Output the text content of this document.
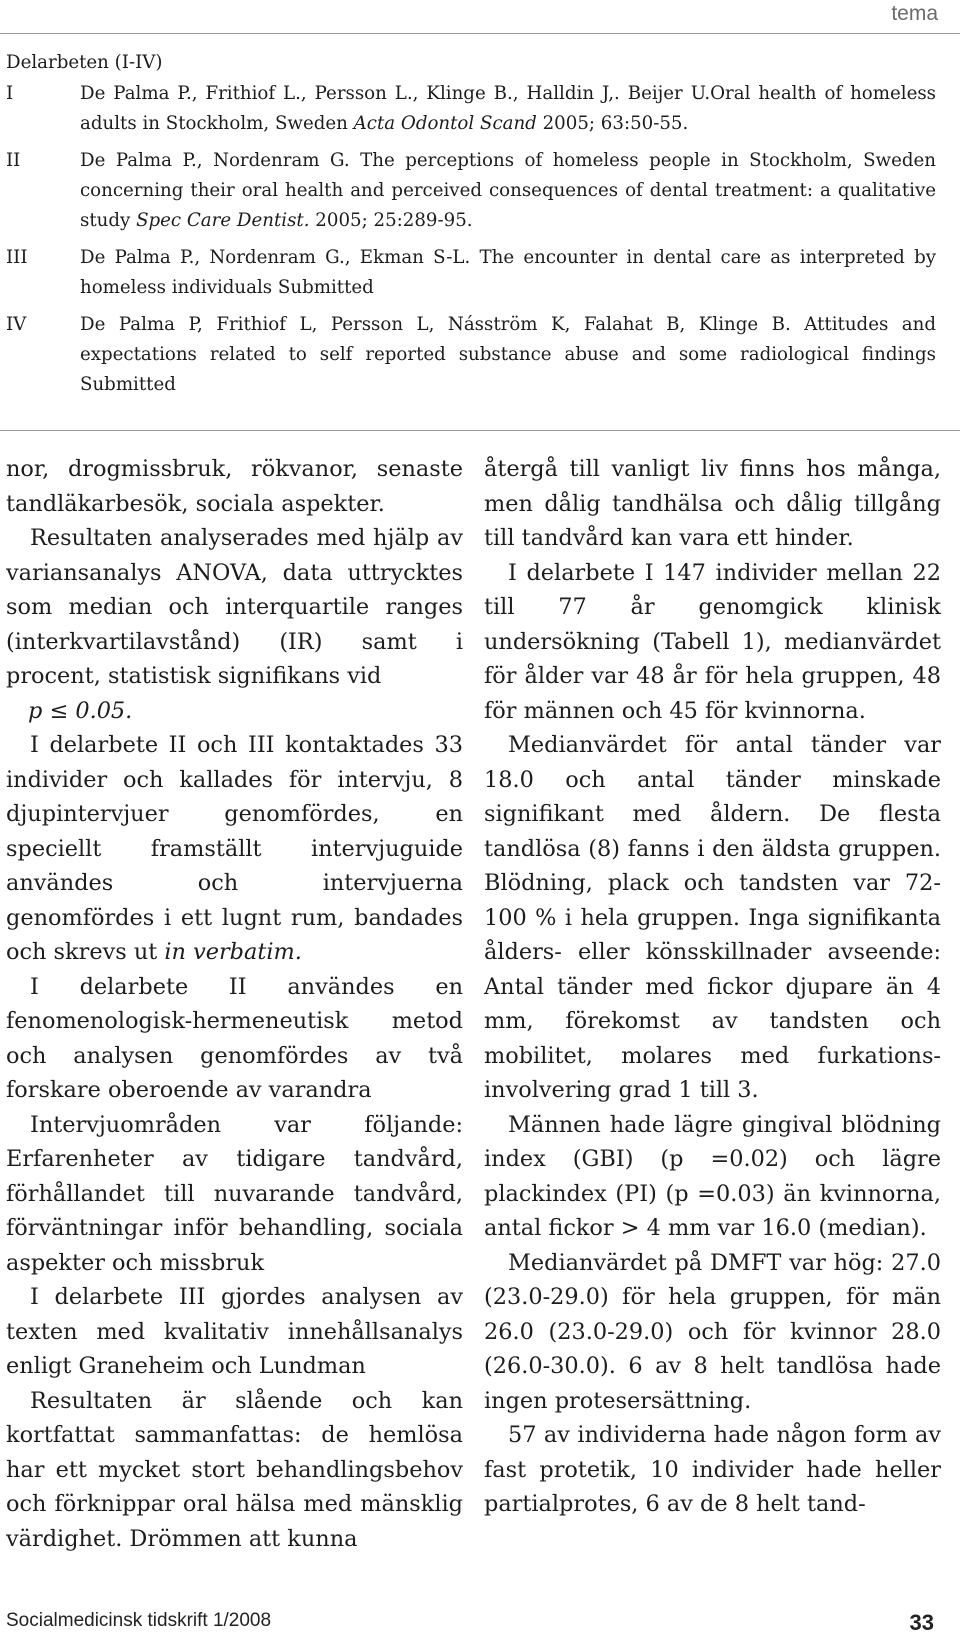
tema
Delarbeten (I-IV)
I	De Palma P., Frithiof L., Persson L., Klinge B., Halldin J,. Beijer U.Oral health of homeless adults in Stockholm, Sweden Acta Odontol Scand 2005; 63:50-55.
II	De Palma P., Nordenram G. The perceptions of homeless people in Stockholm, Sweden concerning their oral health and perceived consequences of dental treatment: a qualitative study Spec Care Dentist. 2005; 25:289-95.
III	De Palma P., Nordenram G., Ekman S-L. The encounter in dental care as interpreted by homeless individuals Submitted
IV	De Palma P, Frithiof L, Persson L, Násström K, Falahat B, Klinge B. Attitudes and expectations related to self reported substance abuse and some radiological findings Submitted

nor, drogmissbruk, rökvanor, senaste tandläkarbesök, sociala aspekter.

Resultaten analyserades med hjälp av variansanalys ANOVA, data uttrycktes som median och interquartile ranges (interkvartilavstånd) (IR) samt i procent, statistisk signifikans vid
p ≤ 0.05.

I delarbete II och III kontaktades 33 individer och kallades för intervju, 8 djupintervjuer genomfördes, en speciellt framställt intervjuguide användes och intervjuerna genomfördes i ett lugnt rum, bandades och skrevs ut in verbatim.

I delarbete II användes en fenomenologisk-hermeneutisk metod och analysen genomfördes av två forskare oberoende av varandra

Intervjuområden var följande: Erfarenheter av tidigare tandvård, förhållandet till nuvarande tandvård, förväntningar inför behandling, sociala aspekter och missbruk

I delarbete III gjordes analysen av texten med kvalitativ innehållsanalys enligt Graneheim och Lundman

Resultaten är slående och kan kortfattat sammanfattas: de hemlösa har ett mycket stort behandlingsbehov och förknippar oral hälsa med mänsklig värdighet. Drömmen att kunna

återgå till vanligt liv finns hos många, men dålig tandhälsa och dålig tillgång till tandvård kan vara ett hinder.

I delarbete I 147 individer mellan 22 till 77 år genomgick klinisk undersökning (Tabell 1), medianvärdet för ålder var 48 år för hela gruppen, 48 för männen och 45 för kvinnorna.

Medianvärdet för antal tänder var 18.0 och antal tänder minskade signifikant med åldern. De flesta tandlösa (8) fanns i den äldsta gruppen. Blödning, plack och tandsten var 72-100 % i hela gruppen. Inga signifikanta ålders- eller könsskillnader avseende: Antal tänder med fickor djupare än 4 mm, förekomst av tandsten och mobilitet, molares med furkations- involvering grad 1 till 3.

Männen hade lägre gingival blödning index (GBI) (p =0.02) och lägre plackindex (PI) (p =0.03) än kvinnorna, antal fickor > 4 mm var 16.0 (median).

Medianvärdet på DMFT var hög: 27.0 (23.0-29.0) för hela gruppen, för män 26.0 (23.0-29.0) och för kvinnor 28.0 (26.0-30.0). 6 av 8 helt tandlösa hade ingen protesersättning.

57 av individerna hade någon form av fast protetik, 10 individer hade heller partialprotes, 6 av de 8 helt tand-

Socialmedicinsk tidskrift 1/2008	33
